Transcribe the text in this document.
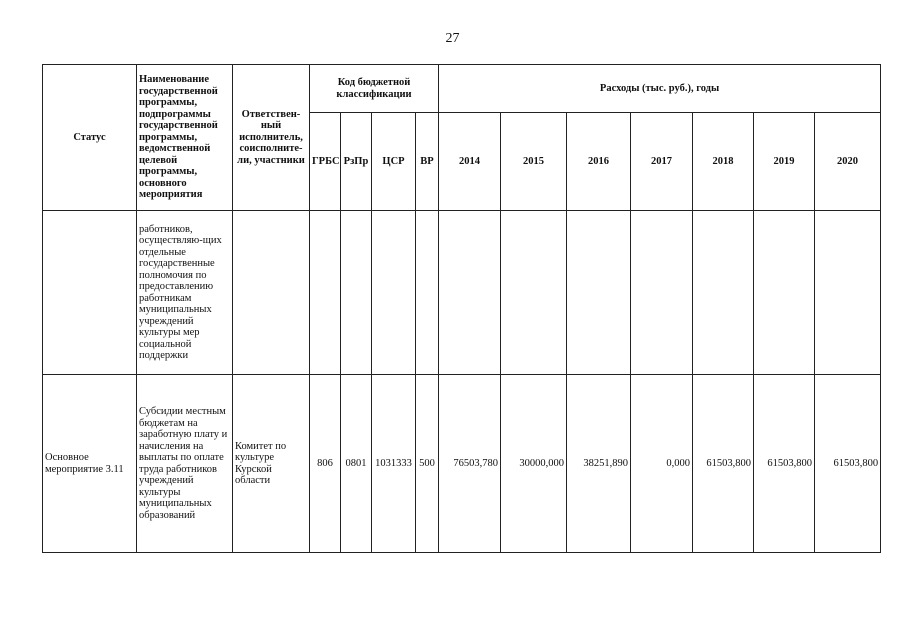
27
Статус	Наименование государственной программы, подпрограммы государственной программы, ведомственной целевой программы, основного мероприятия	Ответствен-ный исполнитель, соисполните-ли, участники	Код бюджетной классификации				Расходы (тыс. руб.), годы						
			ГРБС	РзПр	ЦСР	ВР	2014	2015	2016	2017	2018	2019	2020
	работников, осуществляю-щих отдельные государственные полномочия по предоставлению работникам муниципальных учреждений культуры мер социальной поддержки												
Основное мероприятие 3.11	Субсидии местным бюджетам на заработную плату и начисления на выплаты по оплате труда работников учреждений культуры муниципальных образований	Комитет по культуре Курской области	806	0801	1031333	500	76503,780	30000,000	38251,890	0,000	61503,800	61503,800	61503,800
